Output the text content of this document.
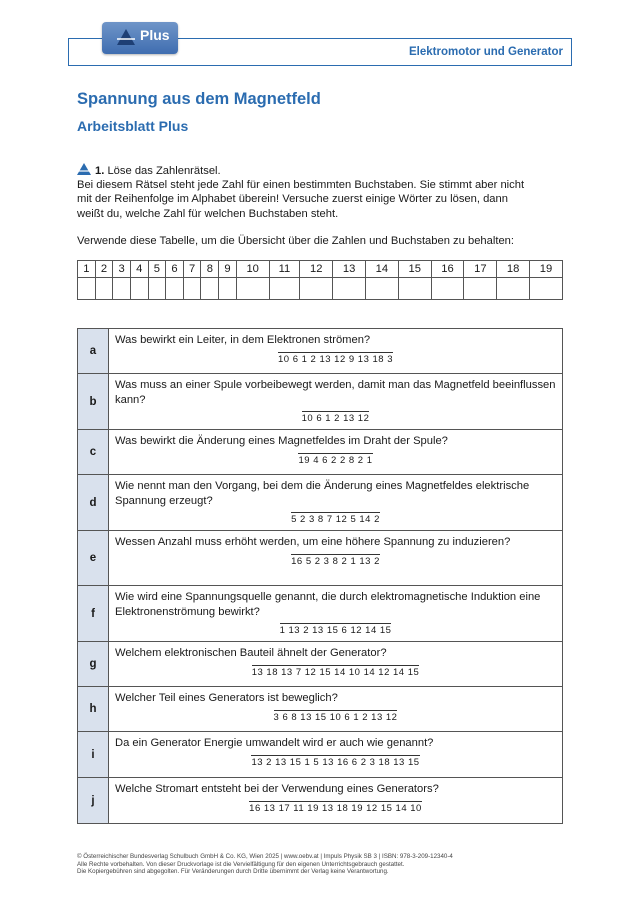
Elektromotor und Generator
Plus
Spannung aus dem Magnetfeld
Arbeitsblatt Plus

1. Löse das Zahlenrätsel.

Bei diesem Rätsel steht jede Zahl für einen bestimmten Buchstaben. Sie stimmt aber nicht

mit der Reihenfolge im Alphabet überein! Versuche zuerst einige Wörter zu lösen, dann

weißt du, welche Zahl für welchen Buchstaben steht.

Verwende diese Tabelle, um die Übersicht über die Zahlen und Buchstaben zu behalten:

1	2	3	4	5	6	7	8	9	10	11	12	13	14	15	16	17	18	19

a	Was bewirkt ein Leiter, in dem Elektronen strömen?
10 6 1 2 13 12 9 13 18 3

b	Was muss an einer Spule vorbeibewegt werden, damit man das Magnetfeld beeinflussen kann?
10 6 1 2 13 12

c	Was bewirkt die Änderung eines Magnetfeldes im Draht der Spule?
19 4 6 2 2 8 2 1

d	Wie nennt man den Vorgang, bei dem die Änderung eines Magnetfeldes elektrische Spannung erzeugt?
5 2 3 8 7 12 5 14 2

e	Wessen Anzahl muss erhöht werden, um eine höhere Spannung zu induzieren?
16 5 2 3 8 2 1 13 2

f	Wie wird eine Spannungsquelle genannt, die durch elektromagnetische Induktion eine Elektronenströmung bewirkt?
1 13 2 13 15 6 12 14 15

g	Welchem elektronischen Bauteil ähnelt der Generator?
13 18 13 7 12 15 14 10 14 12 14 15

h	Welcher Teil eines Generators ist beweglich?
3 6 8 13 15 10 6 1 2 13 12

i	Da ein Generator Energie umwandelt wird er auch wie genannt?
13 2 13 15 1 5 13 16 6 2 3 18 13 15

j	Welche Stromart entsteht bei der Verwendung eines Generators?
16 13 17 11 19 13 18 19 12 15 14 10
© Österreichischer Bundesverlag Schulbuch GmbH & Co. KG, Wien 2025 | www.oebv.at | Impuls Physik SB 3 | ISBN: 978-3-209-12340-4
Alle Rechte vorbehalten. Von dieser Druckvorlage ist die Vervielfältigung für den eigenen Unterrichtsgebrauch gestattet.
Die Kopiergebühren sind abgegolten. Für Veränderungen durch Dritte übernimmt der Verlag keine Verantwortung.
